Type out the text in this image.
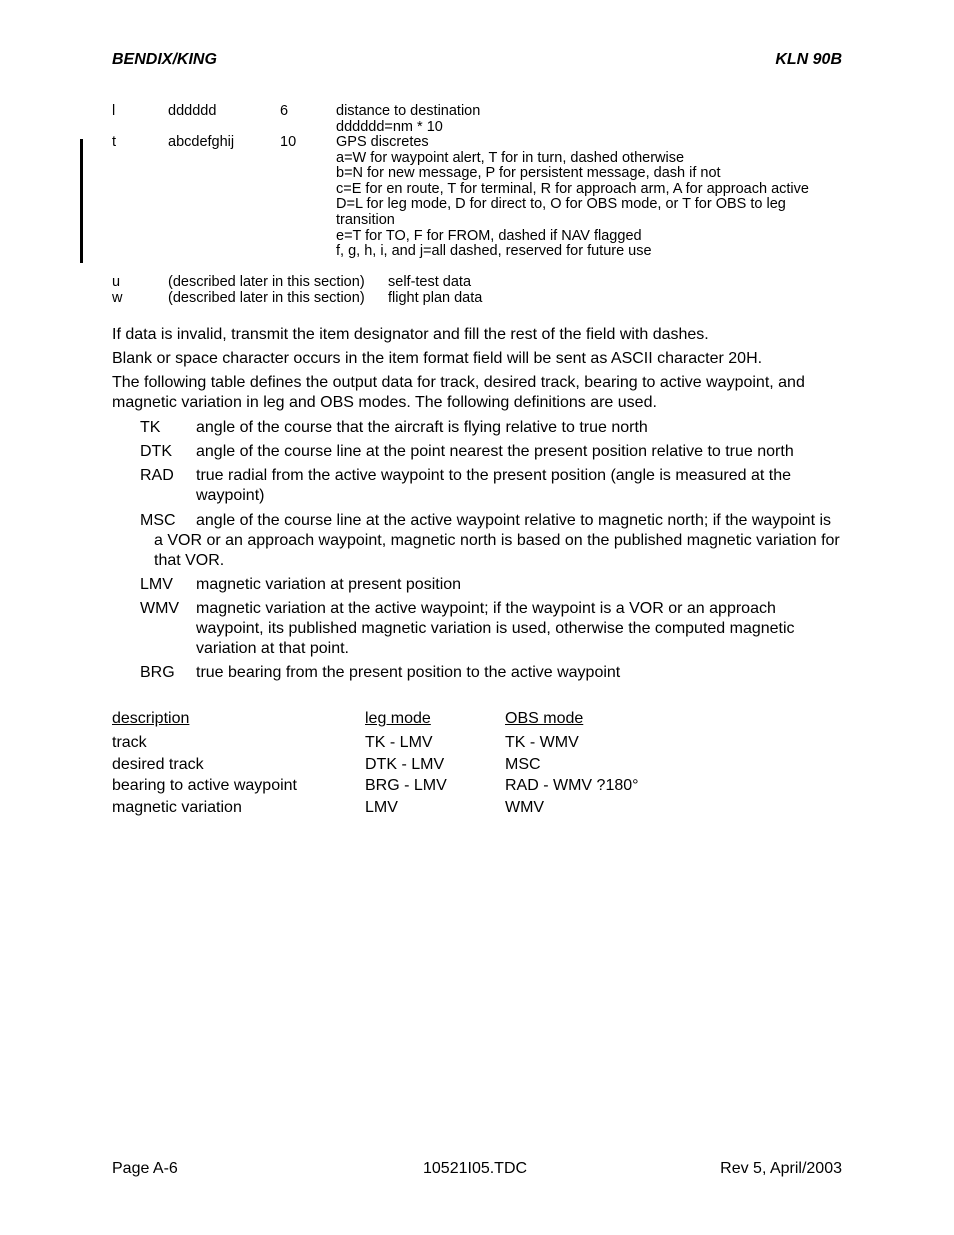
BENDIX/KING	KLN 90B
l	dddddd	6	distance to destination
dddddd=nm * 10
t	abcdefghij	10	GPS discretes
a=W for waypoint alert, T for in turn, dashed otherwise
b=N for new message, P for persistent message, dash if not
c=E for en route, T for terminal, R for approach arm, A for approach active
D=L for leg mode, D for direct to, O for OBS mode, or T for OBS to leg
transition
e=T for TO, F for FROM, dashed if NAV flagged
f, g, h, i, and j=all dashed, reserved for future use
u	(described later in this section) self-test data
w	(described later in this section) flight plan data
If data is invalid, transmit the item designator and fill the rest of the field with dashes.
Blank or space character occurs in the item format field will be sent as ASCII character 20H.
The following table defines the output data for track, desired track, bearing to active waypoint, and magnetic variation in leg and OBS modes. The following definitions are used.
TK angle of the course that the aircraft is flying relative to true north
DTK angle of the course line at the point nearest the present position relative to true north
RAD true radial from the active waypoint to the present position (angle is measured at the waypoint)
MSC	angle of the course line at the active waypoint relative to magnetic north; if the waypoint is a VOR or an approach waypoint, magnetic north is based on the published magnetic variation for that VOR.
LMV magnetic variation at present position
WMV magnetic variation at the active waypoint; if the waypoint is a VOR or an approach waypoint, its published magnetic variation is used, otherwise the computed magnetic variation at that point.
BRG true bearing from the present position to the active waypoint
description	leg mode	OBS mode
track	TK - LMV	TK - WMV
desired track	DTK - LMV	MSC
bearing to active waypoint	BRG - LMV	RAD - WMV ?180°
magnetic variation	LMV	WMV
Page A-6	10521I05.TDC	Rev 5, April/2003
